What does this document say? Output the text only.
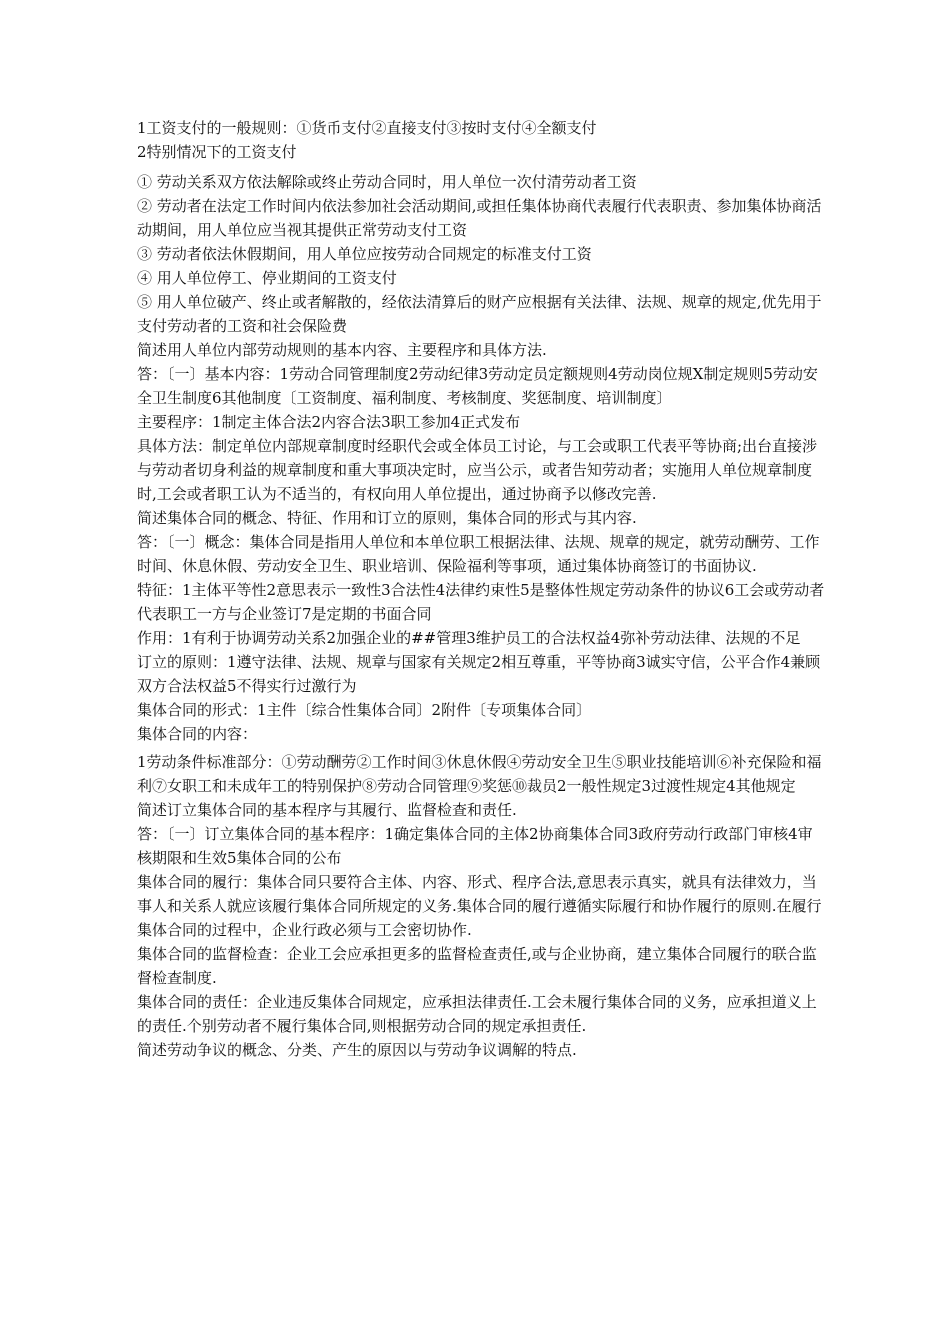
1工资支付的一般规则：①货币支付②直接支付③按时支付④全额支付

2特别情况下的工资支付

① 劳动关系双方依法解除或终止劳动合同时，用人单位一次付清劳动者工资

② 劳动者在法定工作时间内依法参加社会活动期间,或担任集体协商代表履行代表职责、参加集体协商活动期间，用人单位应当视其提供正常劳动支付工资

③ 劳动者依法休假期间，用人单位应按劳动合同规定的标准支付工资

④ 用人单位停工、停业期间的工资支付

⑤ 用人单位破产、终止或者解散的，经依法清算后的财产应根据有关法律、法规、规章的规定,优先用于支付劳动者的工资和社会保险费

简述用人单位内部劳动规则的基本内容、主要程序和具体方法.

答：〔一〕基本内容：1劳动合同管理制度2劳动纪律3劳动定员定额规则4劳动岗位规X制定规则5劳动安全卫生制度6其他制度〔工资制度、福利制度、考核制度、奖惩制度、培训制度〕

主要程序：1制定主体合法2内容合法3职工参加4正式发布

具体方法：制定单位内部规章制度时经职代会或全体员工讨论，与工会或职工代表平等协商;出台直接涉与劳动者切身利益的规章制度和重大事项决定时，应当公示，或者告知劳动者；实施用人单位规章制度时,工会或者职工认为不适当的，有权向用人单位提出，通过协商予以修改完善.

简述集体合同的概念、特征、作用和订立的原则，集体合同的形式与其内容.

答：〔一〕概念：集体合同是指用人单位和本单位职工根据法律、法规、规章的规定，就劳动酬劳、工作时间、休息休假、劳动安全卫生、职业培训、保险福利等事项，通过集体协商签订的书面协议.

特征：1主体平等性2意思表示一致性3合法性4法律约束性5是整体性规定劳动条件的协议6工会或劳动者代表职工一方与企业签订7是定期的书面合同

作用：1有利于协调劳动关系2加强企业的##管理3维护员工的合法权益4弥补劳动法律、法规的不足

订立的原则：1遵守法律、法规、规章与国家有关规定2相互尊重，平等协商3诚实守信，公平合作4兼顾双方合法权益5不得实行过激行为

集体合同的形式：1主件〔综合性集体合同〕2附件〔专项集体合同〕

集体合同的内容：

1劳动条件标准部分：①劳动酬劳②工作时间③休息休假④劳动安全卫生⑤职业技能培训⑥补充保险和福利⑦女职工和未成年工的特别保护⑧劳动合同管理⑨奖惩⑩裁员2一般性规定3过渡性规定4其他规定

简述订立集体合同的基本程序与其履行、监督检查和责任.

答：〔一〕订立集体合同的基本程序：1确定集体合同的主体2协商集体合同3政府劳动行政部门审核4审核期限和生效5集体合同的公布

集体合同的履行：集体合同只要符合主体、内容、形式、程序合法,意思表示真实，就具有法律效力，当事人和关系人就应该履行集体合同所规定的义务.集体合同的履行遵循实际履行和协作履行的原则.在履行集体合同的过程中，企业行政必须与工会密切协作.

集体合同的监督检查：企业工会应承担更多的监督检查责任,或与企业协商，建立集体合同履行的联合监督检查制度.

集体合同的责任：企业违反集体合同规定，应承担法律责任.工会未履行集体合同的义务，应承担道义上的责任.个别劳动者不履行集体合同,则根据劳动合同的规定承担责任.

简述劳动争议的概念、分类、产生的原因以与劳动争议调解的特点.
